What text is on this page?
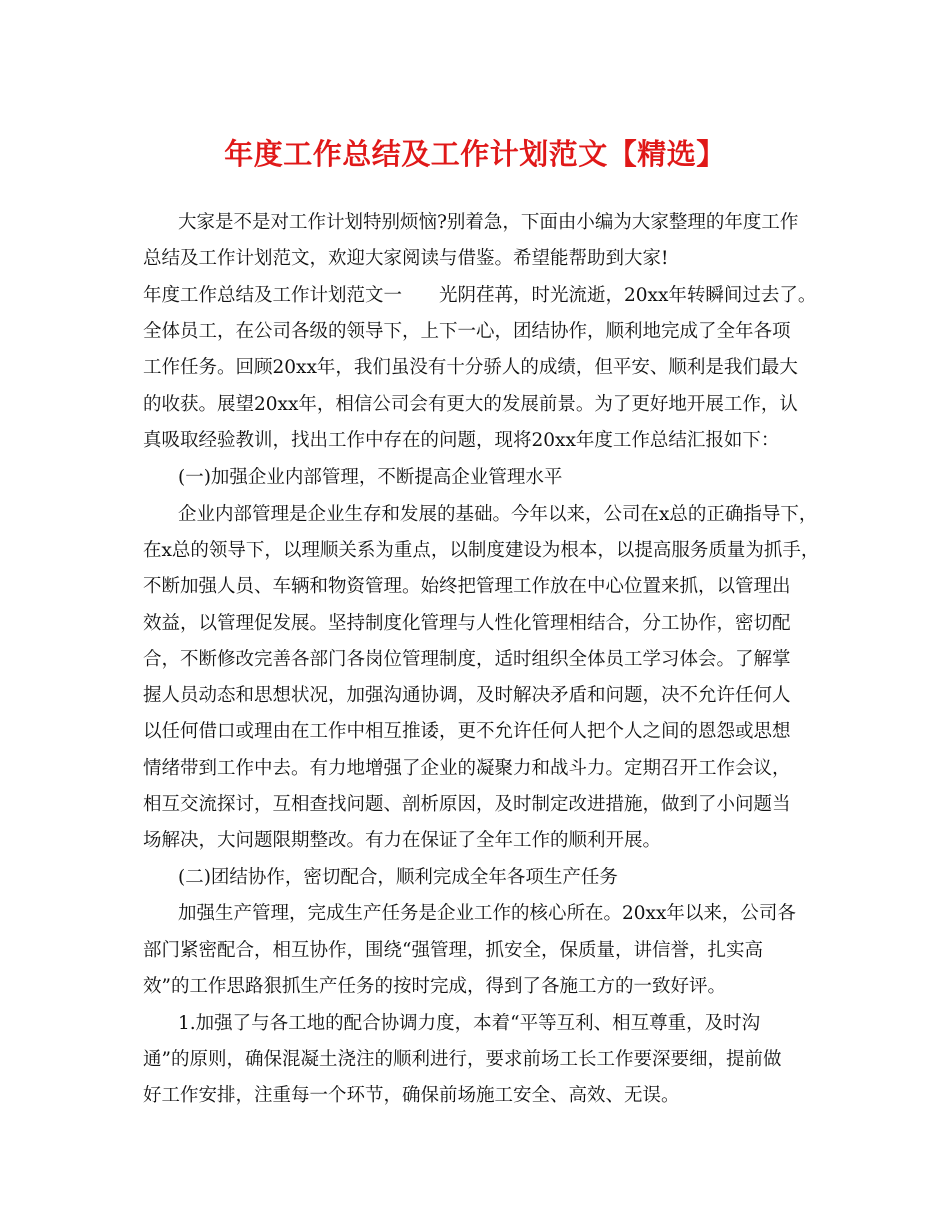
年度工作总结及工作计划范文【精选】
大家是不是对工作计划特别烦恼?别着急，下面由小编为大家整理的年度工作
总结及工作计划范文，欢迎大家阅读与借鉴。希望能帮助到大家!
年度工作总结及工作计划范文一　　光阴荏苒，时光流逝，20xx年转瞬间过去了。
全体员工，在公司各级的领导下，上下一心，团结协作，顺利地完成了全年各项
工作任务。回顾20xx年，我们虽没有十分骄人的成绩，但平安、顺利是我们最大
的收获。展望20xx年，相信公司会有更大的发展前景。为了更好地开展工作，认
真吸取经验教训，找出工作中存在的问题，现将20xx年度工作总结汇报如下：
(一)加强企业内部管理，不断提高企业管理水平
企业内部管理是企业生存和发展的基础。今年以来，公司在x总的正确指导下，
在x总的领导下，以理顺关系为重点，以制度建设为根本，以提高服务质量为抓手，
不断加强人员、车辆和物资管理。始终把管理工作放在中心位置来抓，以管理出
效益，以管理促发展。坚持制度化管理与人性化管理相结合，分工协作，密切配
合，不断修改完善各部门各岗位管理制度，适时组织全体员工学习体会。了解掌
握人员动态和思想状况，加强沟通协调，及时解决矛盾和问题，决不允许任何人
以任何借口或理由在工作中相互推诿，更不允许任何人把个人之间的恩怨或思想
情绪带到工作中去。有力地增强了企业的凝聚力和战斗力。定期召开工作会议，
相互交流探讨，互相查找问题、剖析原因，及时制定改进措施，做到了小问题当
场解决，大问题限期整改。有力在保证了全年工作的顺利开展。
(二)团结协作，密切配合，顺利完成全年各项生产任务
加强生产管理，完成生产任务是企业工作的核心所在。20xx年以来，公司各
部门紧密配合，相互协作，围绕“强管理，抓安全，保质量，讲信誉，扎实高
效”的工作思路狠抓生产任务的按时完成，得到了各施工方的一致好评。
1.加强了与各工地的配合协调力度，本着“平等互利、相互尊重，及时沟
通”的原则，确保混凝土浇注的顺利进行，要求前场工长工作要深要细，提前做
好工作安排，注重每一个环节，确保前场施工安全、高效、无误。
